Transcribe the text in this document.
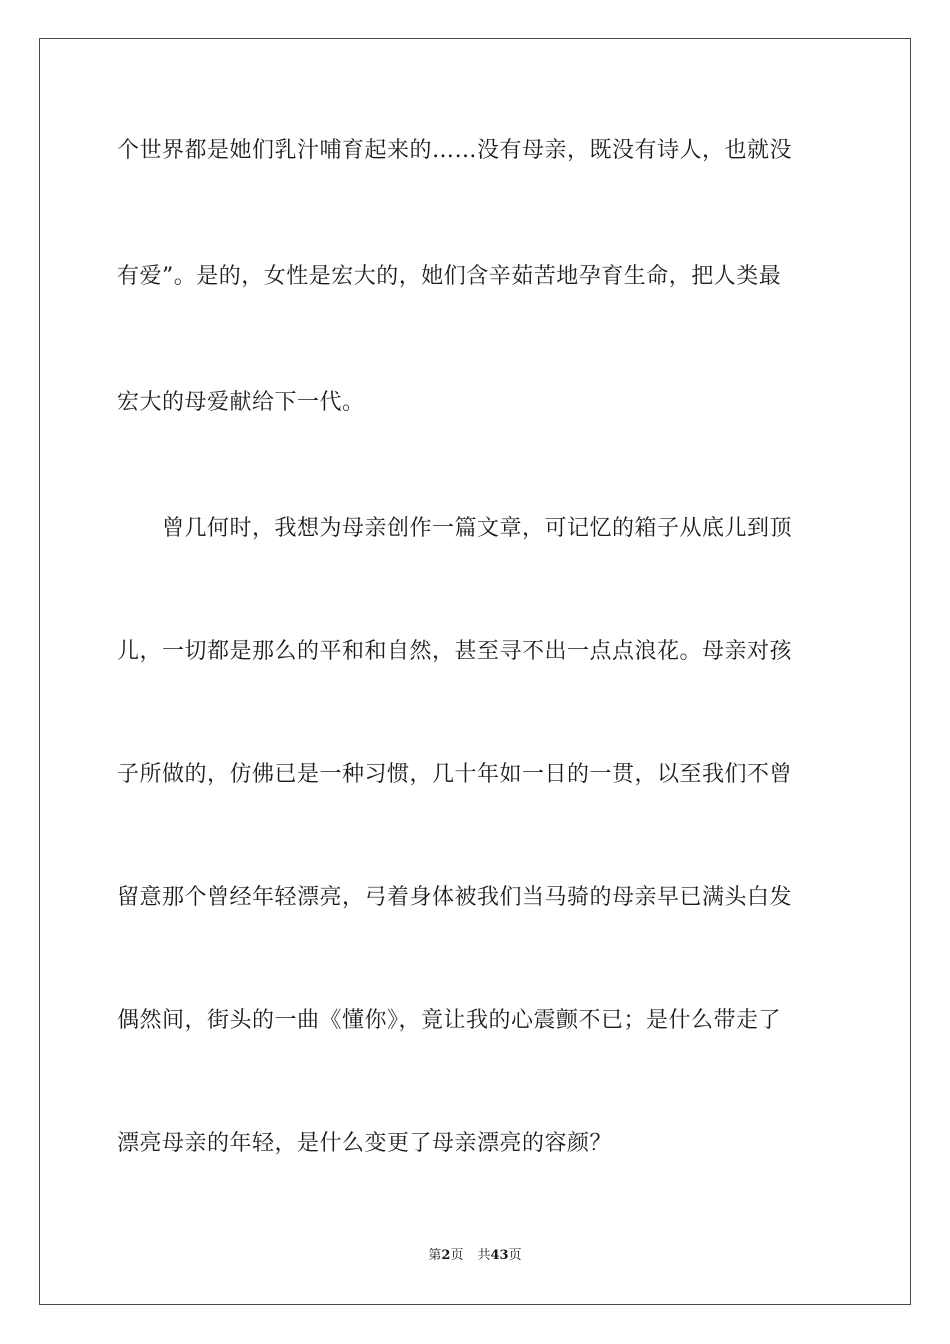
个世界都是她们乳汁哺育起来的……没有母亲，既没有诗人，也就没
有爱”。是的，女性是宏大的，她们含辛茹苦地孕育生命，把人类最
宏大的母爱献给下一代。
　　曾几何时，我想为母亲创作一篇文章，可记忆的箱子从底儿到顶
儿，一切都是那么的平和和自然，甚至寻不出一点点浪花。母亲对孩
子所做的，仿佛已是一种习惯，几十年如一日的一贯，以至我们不曾
留意那个曾经年轻漂亮，弓着身体被我们当马骑的母亲早已满头白发
偶然间，街头的一曲《懂你》，竟让我的心震颤不已；是什么带走了
漂亮母亲的年轻，是什么变更了母亲漂亮的容颜？
第2页 共43页
